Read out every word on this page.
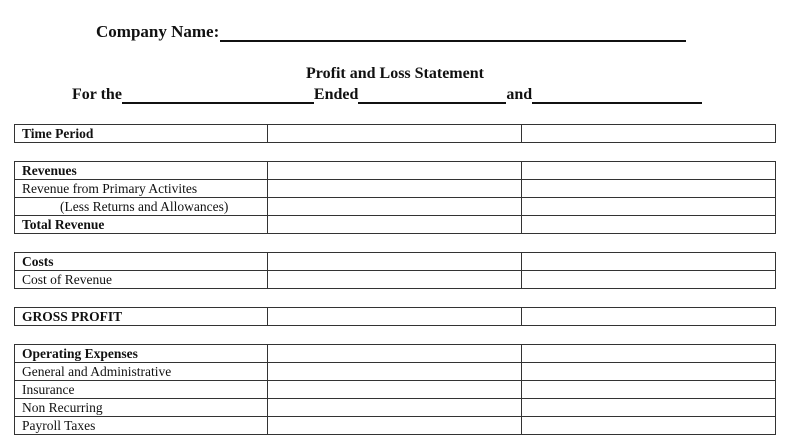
Company Name:
Profit and Loss Statement
For the	Ended	and
Time Period
Revenues
Revenue from Primary Activites
(Less Returns and Allowances)
Total Revenue
Costs
Cost of Revenue
GROSS PROFIT
Operating Expenses
General and Administrative
Insurance
Non Recurring
Payroll Taxes
